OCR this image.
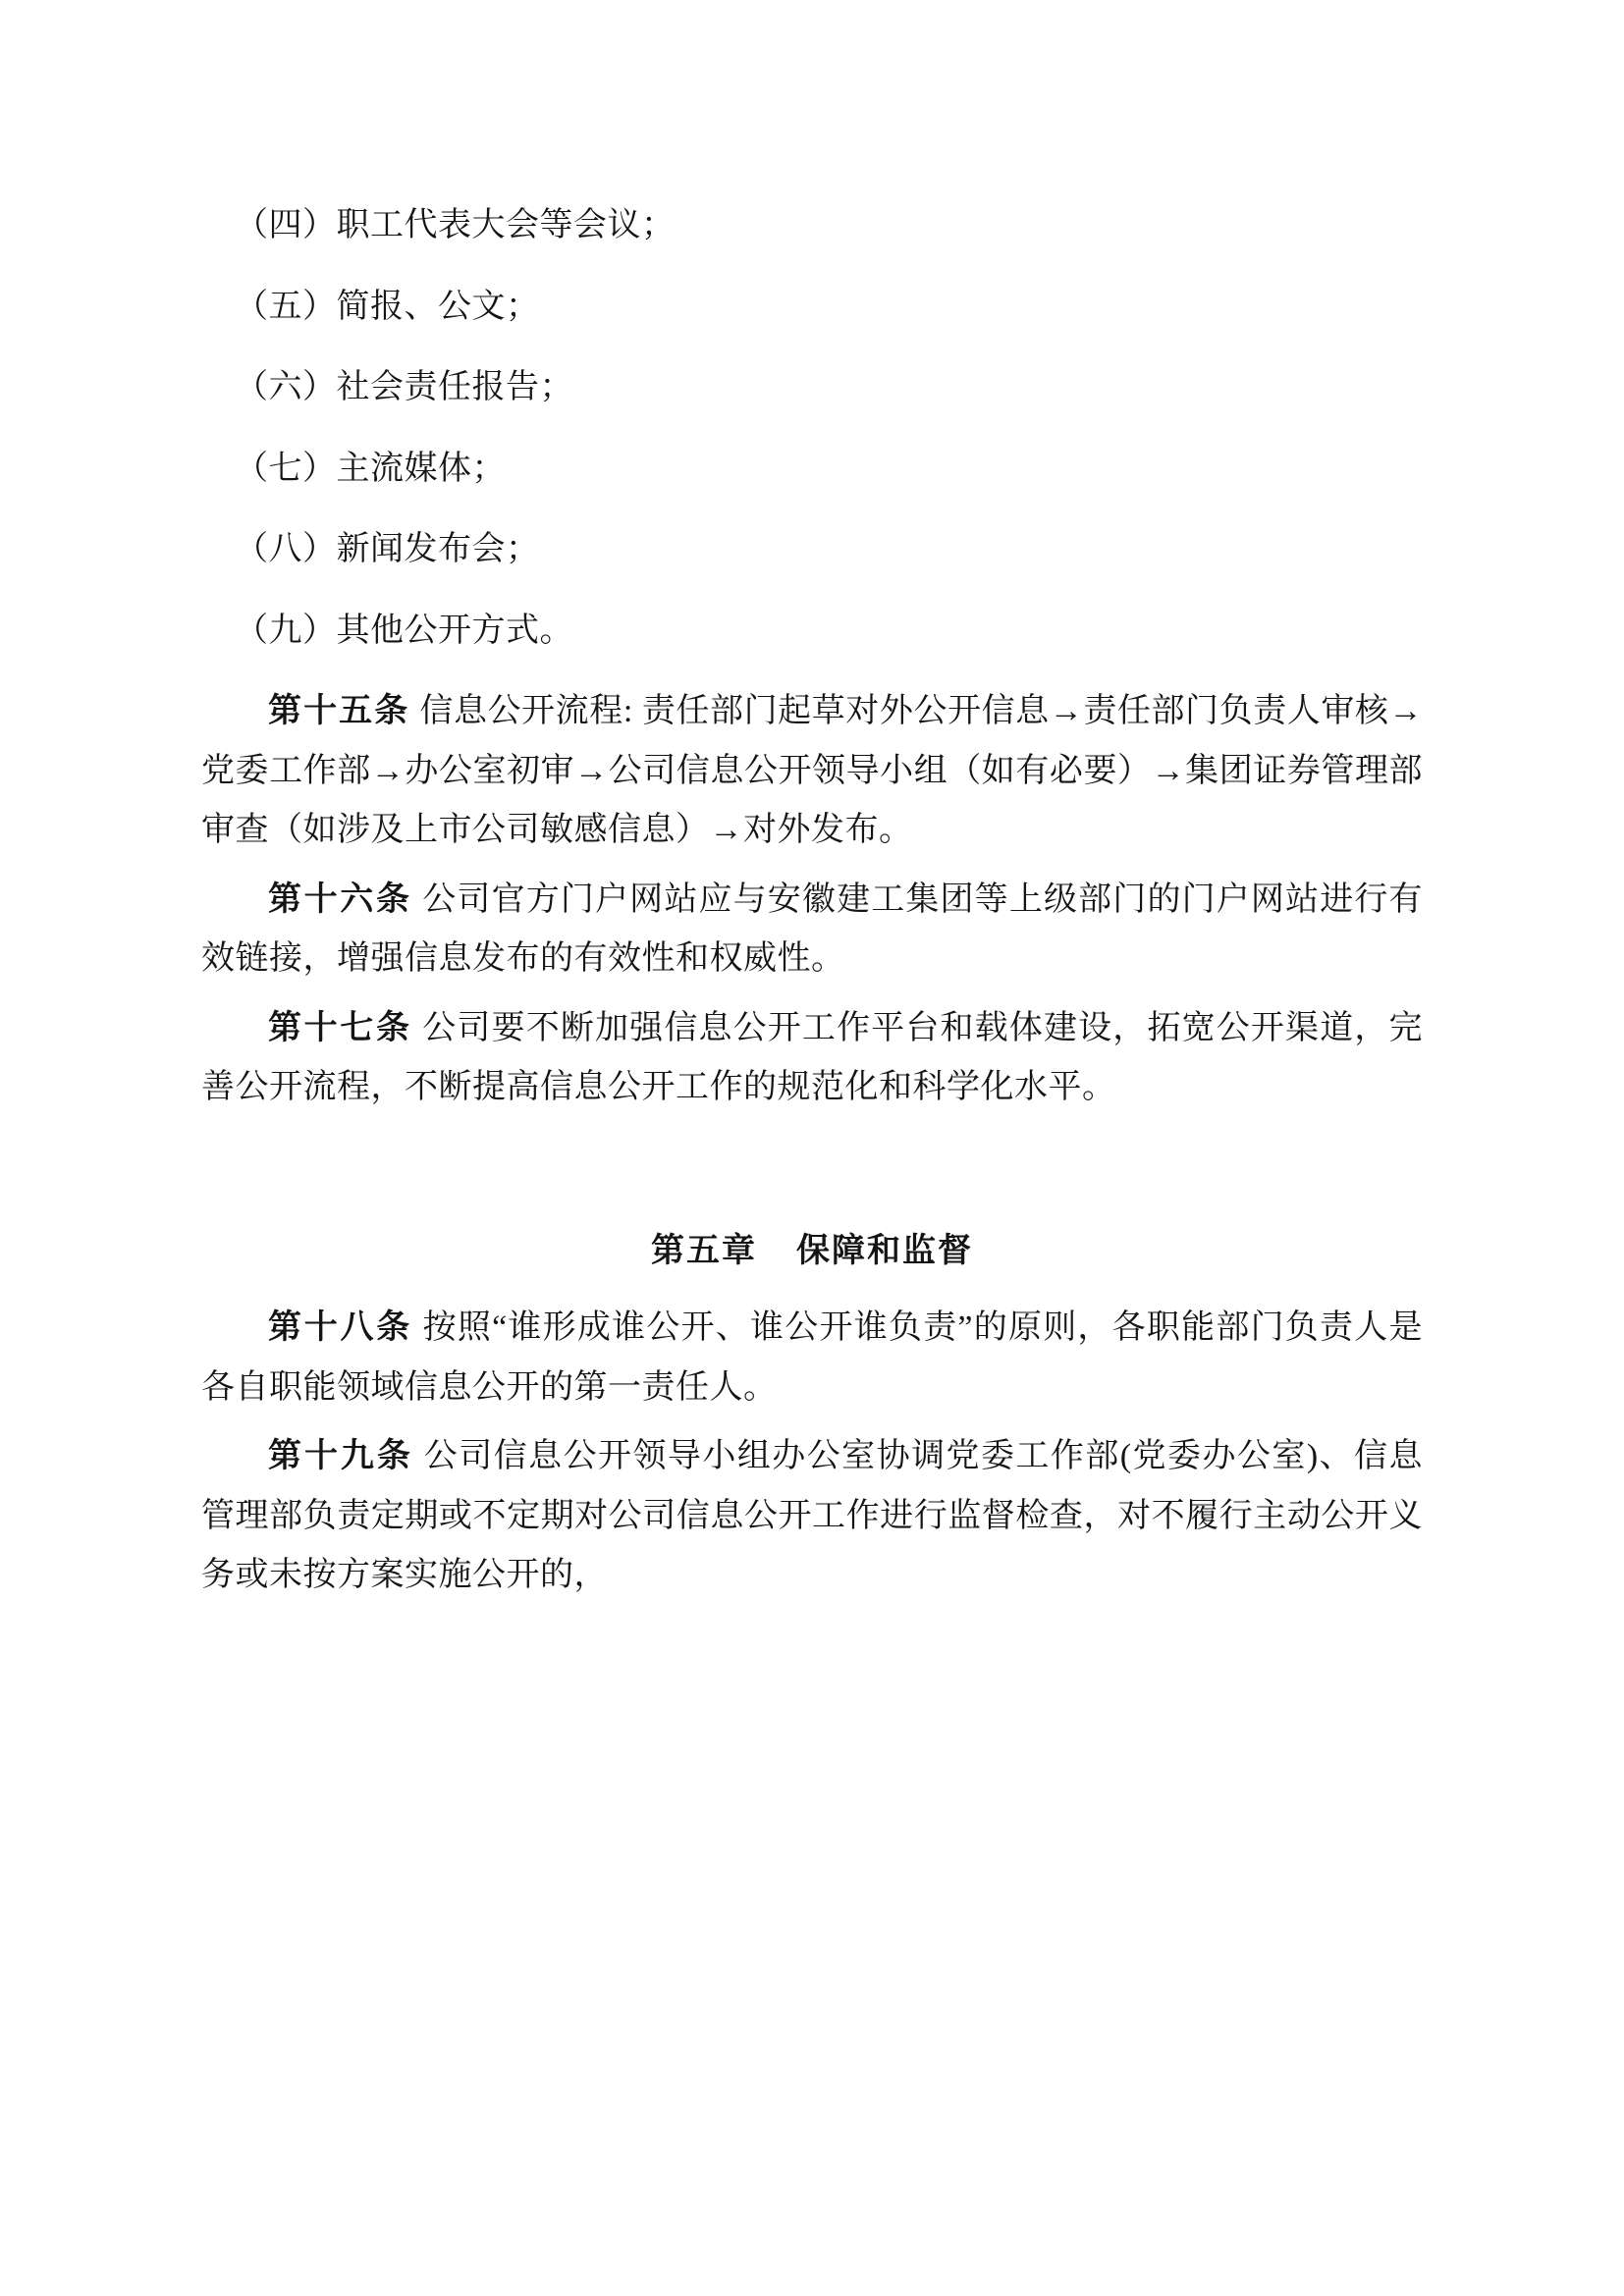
（四）职工代表大会等会议；

（五）简报、公文；

（六）社会责任报告；

（七）主流媒体；

（八）新闻发布会；

（九）其他公开方式。

第十五条 信息公开流程: 责任部门起草对外公开信息→责任部门负责人审核→党委工作部→办公室初审→公司信息公开领导小组（如有必要）→集团证券管理部审查（如涉及上市公司敏感信息）→对外发布。

第十六条 公司官方门户网站应与安徽建工集团等上级部门的门户网站进行有效链接，增强信息发布的有效性和权威性。

第十七条 公司要不断加强信息公开工作平台和载体建设，拓宽公开渠道，完善公开流程，不断提高信息公开工作的规范化和科学化水平。

第五章 保障和监督

第十八条 按照“谁形成谁公开、谁公开谁负责”的原则，各职能部门负责人是各自职能领域信息公开的第一责任人。

第十九条 公司信息公开领导小组办公室协调党委工作部(党委办公室)、信息管理部负责定期或不定期对公司信息公开工作进行监督检查，对不履行主动公开义务或未按方案实施公开的，
